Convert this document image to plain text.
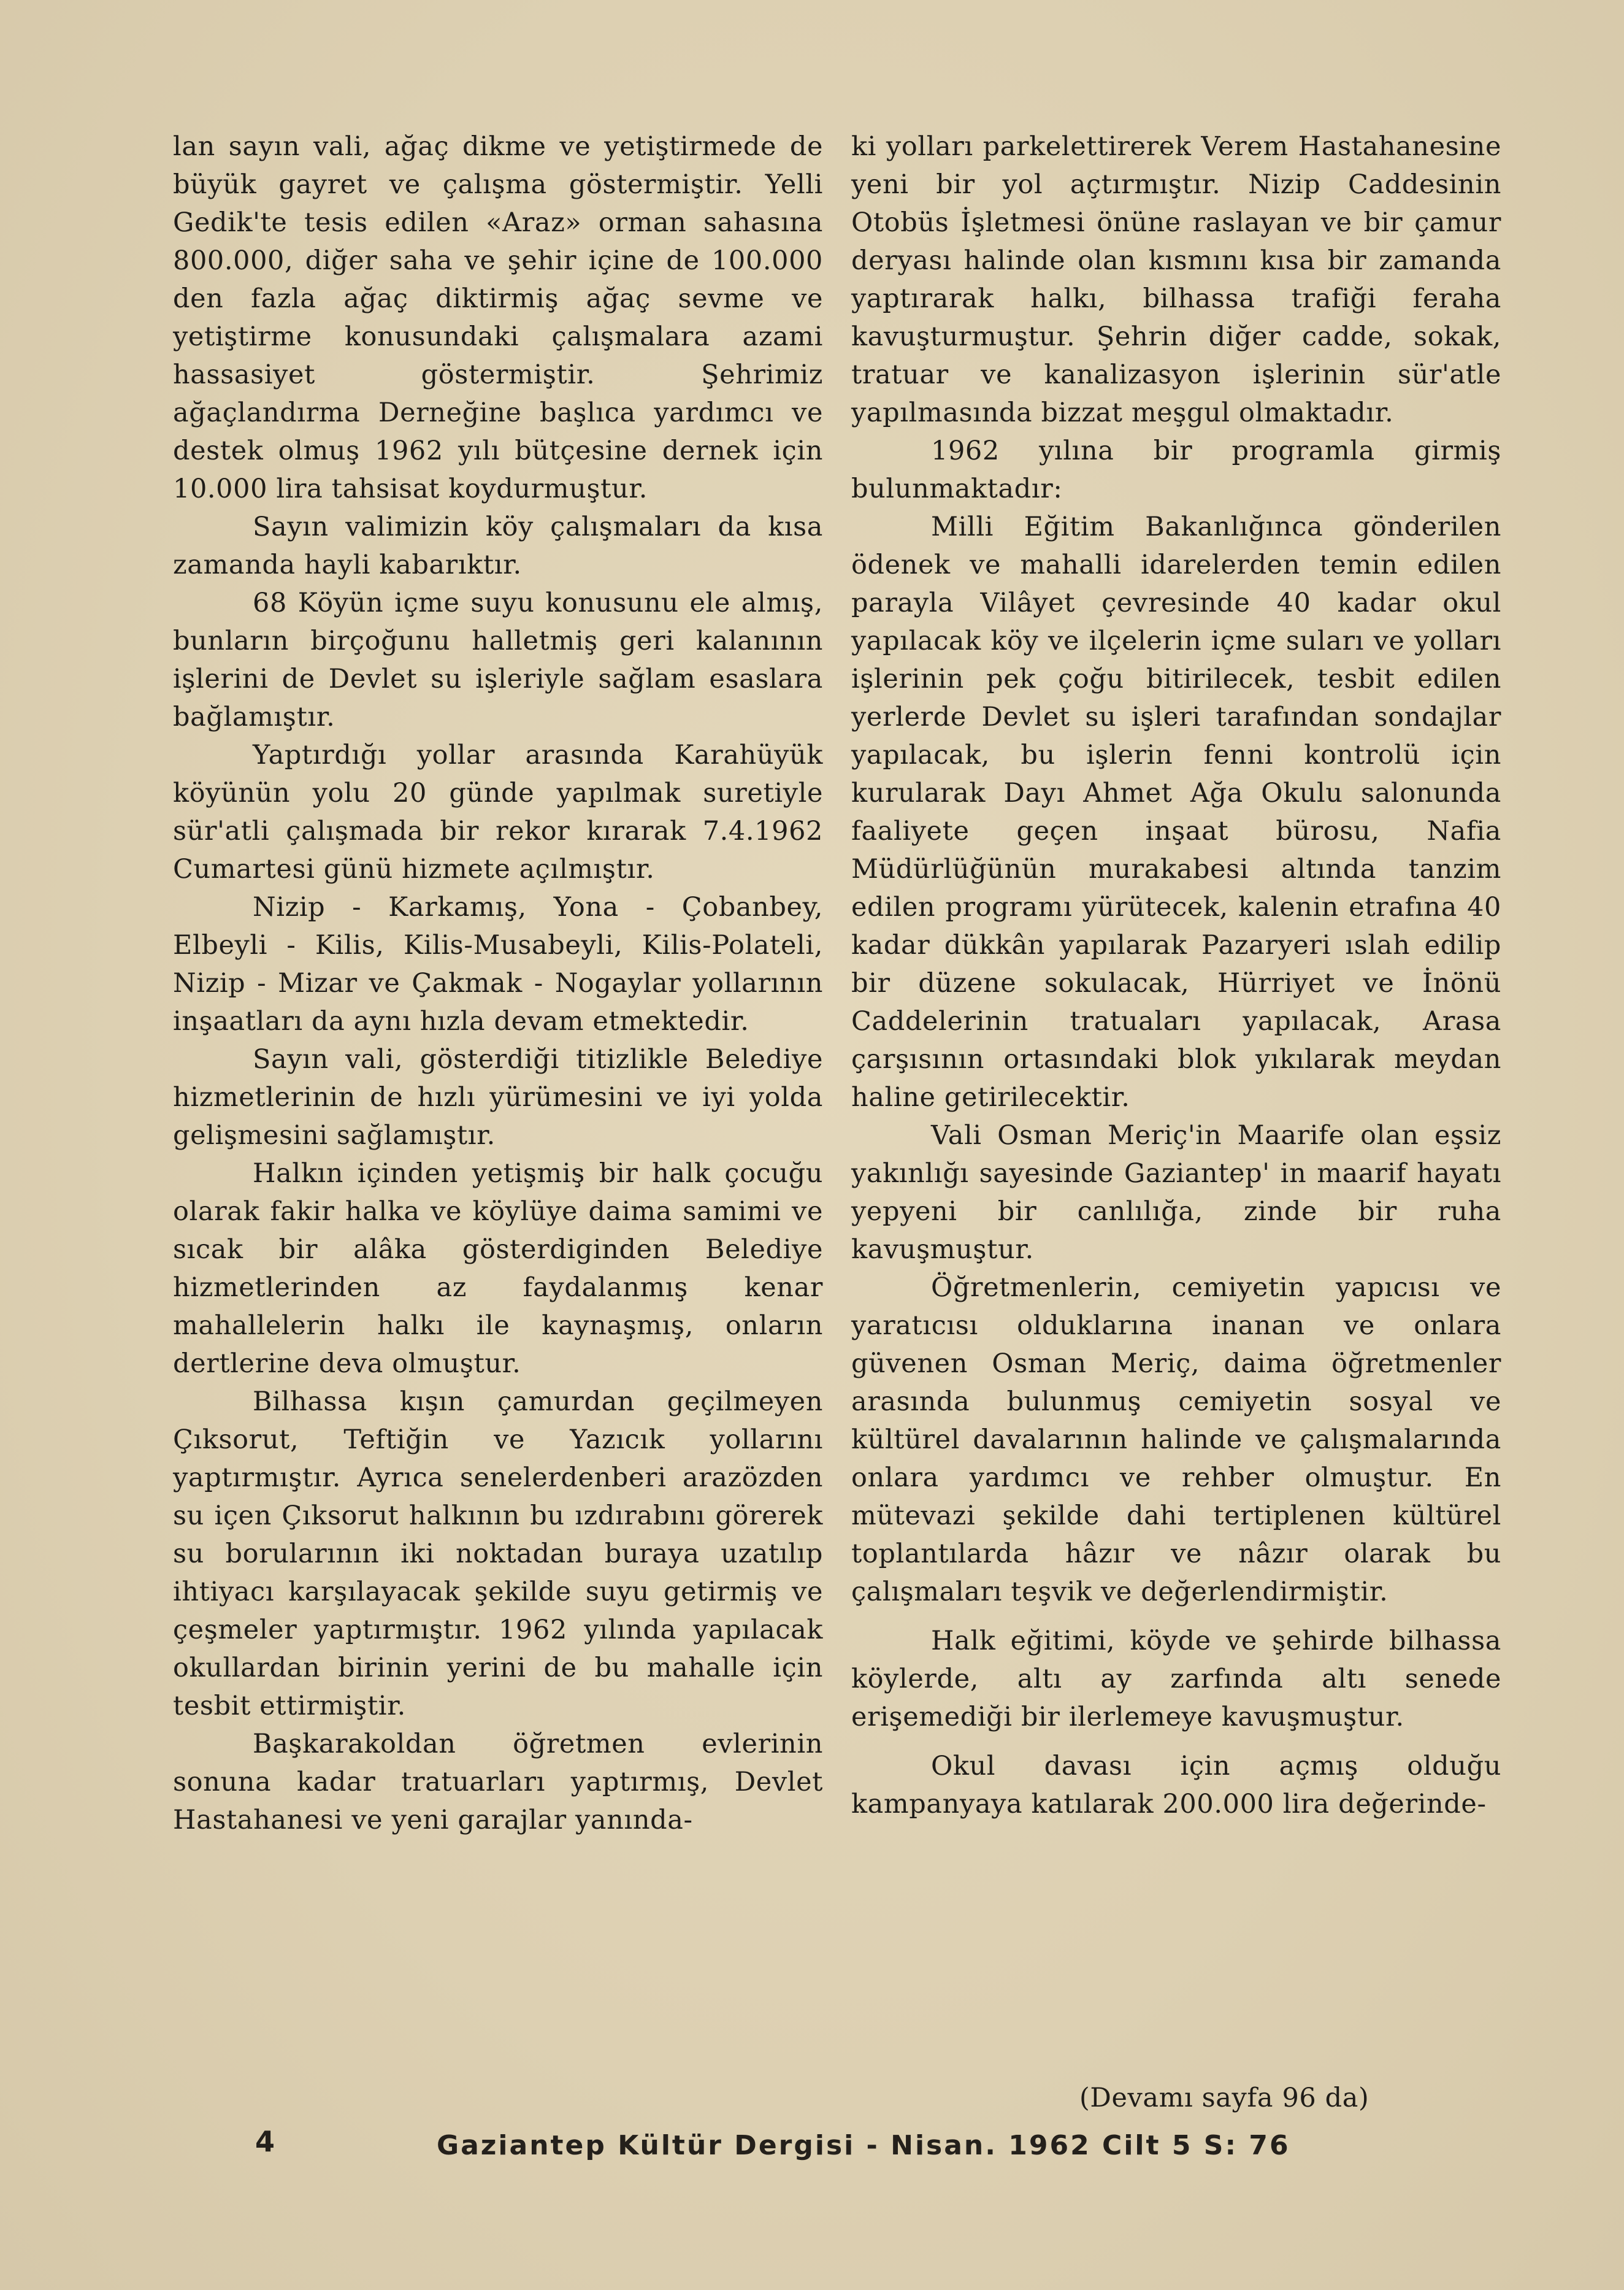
lan sayın vali, ağaç dikme ve yetiştirmede de büyük gayret ve çalışma göstermiştir. Yelli Gedik'te tesis edilen «Araz» orman sahasına 800.000, diğer saha ve şehir içine de 100.000 den fazla ağaç diktirmiş ağaç sevme ve yetiştirme konusundaki çalışmalara azami hassasiyet göstermiştir. Şehrimiz ağaçlandırma Derneğine başlıca yardımcı ve destek olmuş 1962 yılı bütçesine dernek için 10.000 lira tahsisat koydurmuştur.

Sayın valimizin köy çalışmaları da kısa zamanda hayli kabarıktır.

68 Köyün içme suyu konusunu ele almış, bunların birçoğunu halletmiş geri kalanının işlerini de Devlet su işleriyle sağlam esaslara bağlamıştır.

Yaptırdığı yollar arasında Karahüyük köyünün yolu 20 günde yapılmak suretiyle sür'atli çalışmada bir rekor kırarak 7.4.1962 Cumartesi günü hizmete açılmıştır.

Nizip - Karkamış, Yona - Çobanbey, Elbeyli - Kilis, Kilis-Musabeyli, Kilis-Polateli, Nizip - Mizar ve Çakmak - Nogaylar yollarının inşaatları da aynı hızla devam etmektedir.

Sayın vali, gösterdiği titizlikle Belediye hizmetlerinin de hızlı yürümesini ve iyi yolda gelişmesini sağlamıştır.

Halkın içinden yetişmiş bir halk çocuğu olarak fakir halka ve köylüye daima samimi ve sıcak bir alâka gösterdiginden Belediye hizmetlerinden az faydalanmış kenar mahallelerin halkı ile kaynaşmış, onların dertlerine deva olmuştur.

Bilhassa kışın çamurdan geçilmeyen Çıksorut, Teftiğin ve Yazıcık yollarını yaptırmıştır. Ayrıca senelerdenberi arazözden su içen Çıksorut halkının bu ızdırabını görerek su borularının iki noktadan buraya uzatılıp ihtiyacı karşılayacak şekilde suyu getirmiş ve çeşmeler yaptırmıştır. 1962 yılında yapılacak okullardan birinin yerini de bu mahalle için tesbit ettirmiştir.

Başkarakoldan öğretmen evlerinin sonuna kadar tratuarları yaptırmış, Devlet Hastahanesi ve yeni garajlar yanında-

ki yolları parkelettirerek Verem Hastahanesine yeni bir yol açtırmıştır. Nizip Caddesinin Otobüs İşletmesi önüne raslayan ve bir çamur deryası halinde olan kısmını kısa bir zamanda yaptırarak halkı, bilhassa trafiği feraha kavuşturmuştur. Şehrin diğer cadde, sokak, tratuar ve kanalizasyon işlerinin sür'atle yapılmasında bizzat meşgul olmaktadır.

1962 yılına bir programla girmiş bulunmaktadır:

Milli Eğitim Bakanlığınca gönderilen ödenek ve mahalli idarelerden temin edilen parayla Vilâyet çevresinde 40 kadar okul yapılacak köy ve ilçelerin içme suları ve yolları işlerinin pek çoğu bitirilecek, tesbit edilen yerlerde Devlet su işleri tarafından sondajlar yapılacak, bu işlerin fenni kontrolü için kurularak Dayı Ahmet Ağa Okulu salonunda faaliyete geçen inşaat bürosu, Nafia Müdürlüğünün murakabesi altında tanzim edilen programı yürütecek, kalenin etrafına 40 kadar dükkân yapılarak Pazaryeri ıslah edilip bir düzene sokulacak, Hürriyet ve İnönü Caddelerinin tratuaları yapılacak, Arasa çarşısının ortasındaki blok yıkılarak meydan haline getirilecektir.

Vali Osman Meriç'in Maarife olan eşsiz yakınlığı sayesinde Gaziantep' in maarif hayatı yepyeni bir canlılığa, zinde bir ruha kavuşmuştur.

Öğretmenlerin, cemiyetin yapıcısı ve yaratıcısı olduklarına inanan ve onlara güvenen Osman Meriç, daima öğretmenler arasında bulunmuş cemiyetin sosyal ve kültürel davalarının halinde ve çalışmalarında onlara yardımcı ve rehber olmuştur. En mütevazi şekilde dahi tertiplenen kültürel toplantılarda hâzır ve nâzır olarak bu çalışmaları teşvik ve değerlendirmiştir.

Halk eğitimi, köyde ve şehirde bilhassa köylerde, altı ay zarfında altı senede erişemediği bir ilerlemeye kavuşmuştur.

Okul davası için açmış olduğu kampanyaya katılarak 200.000 lira değerinde-

(Devamı sayfa 96 da)
4	Gaziantep Kültür Dergisi - Nisan. 1962 Cilt 5 S: 76
